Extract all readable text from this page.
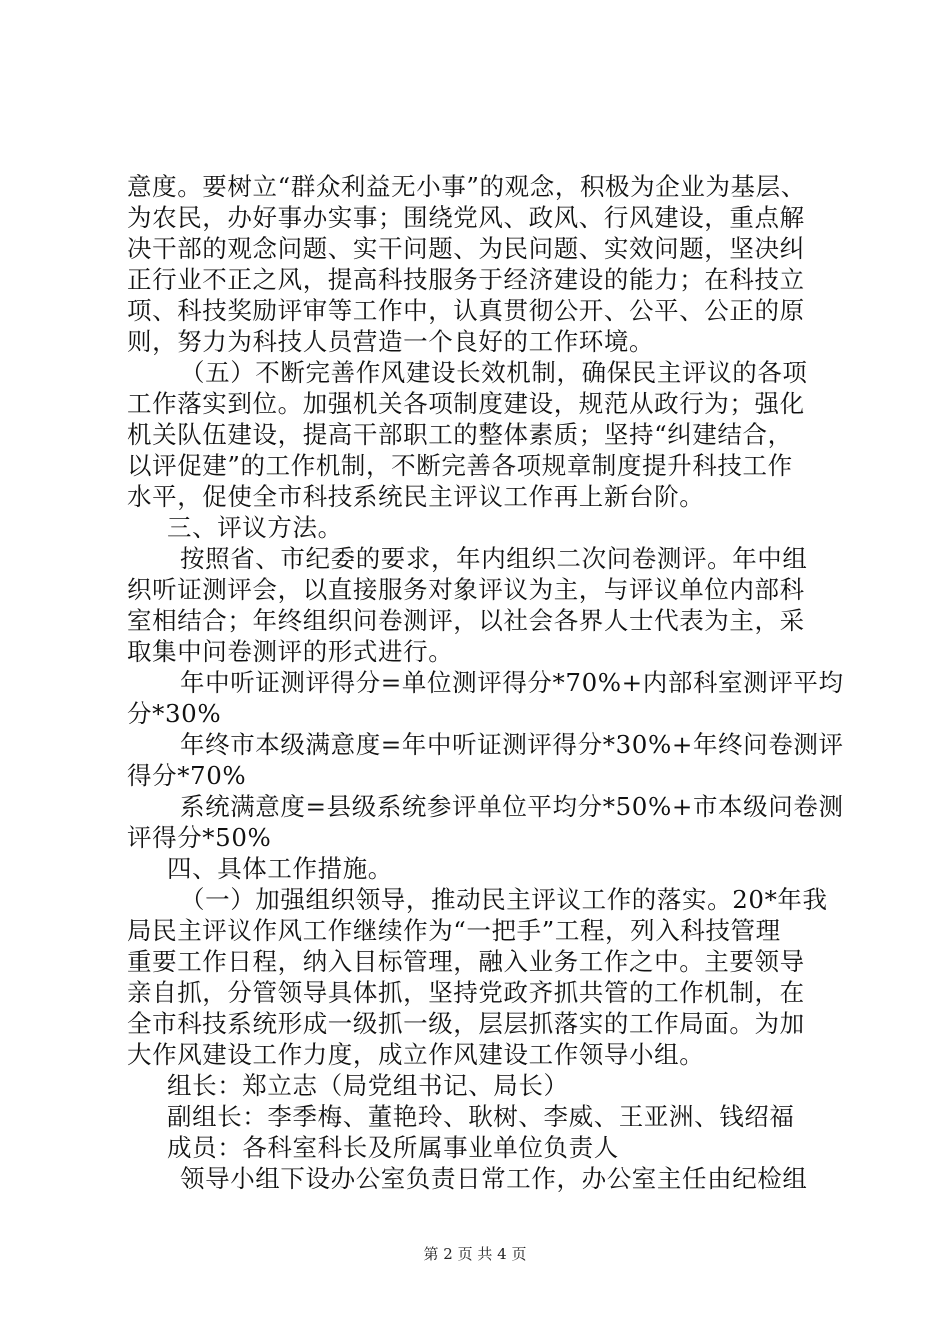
意度。要树立“群众利益无小事”的观念，积极为企业为基层、
为农民，办好事办实事；围绕党风、政风、行风建设，重点解
决干部的观念问题、实干问题、为民问题、实效问题，坚决纠
正行业不正之风，提高科技服务于经济建设的能力；在科技立
项、科技奖励评审等工作中，认真贯彻公开、公平、公正的原
则，努力为科技人员营造一个良好的工作环境。
（五）不断完善作风建设长效机制，确保民主评议的各项
工作落实到位。加强机关各项制度建设，规范从政行为；强化
机关队伍建设，提高干部职工的整体素质；坚持“纠建结合，
以评促建”的工作机制，不断完善各项规章制度提升科技工作
水平，促使全市科技系统民主评议工作再上新台阶。
三、评议方法。
按照省、市纪委的要求，年内组织二次问卷测评。年中组
织听证测评会，以直接服务对象评议为主，与评议单位内部科
室相结合；年终组织问卷测评，以社会各界人士代表为主，采
取集中问卷测评的形式进行。
年中听证测评得分=单位测评得分*70%+内部科室测评平均
分*30%
年终市本级满意度=年中听证测评得分*30%+年终问卷测评
得分*70%
系统满意度=县级系统参评单位平均分*50%+市本级问卷测
评得分*50%
四、具体工作措施。
（一）加强组织领导，推动民主评议工作的落实。20*年我
局民主评议作风工作继续作为“一把手”工程，列入科技管理
重要工作日程，纳入目标管理，融入业务工作之中。主要领导
亲自抓，分管领导具体抓，坚持党政齐抓共管的工作机制，在
全市科技系统形成一级抓一级，层层抓落实的工作局面。为加
大作风建设工作力度，成立作风建设工作领导小组。
组长：郑立志（局党组书记、局长）
副组长：李季梅、董艳玲、耿树、李威、王亚洲、钱绍福
成员：各科室科长及所属事业单位负责人
领导小组下设办公室负责日常工作，办公室主任由纪检组
第 2 页 共 4 页
